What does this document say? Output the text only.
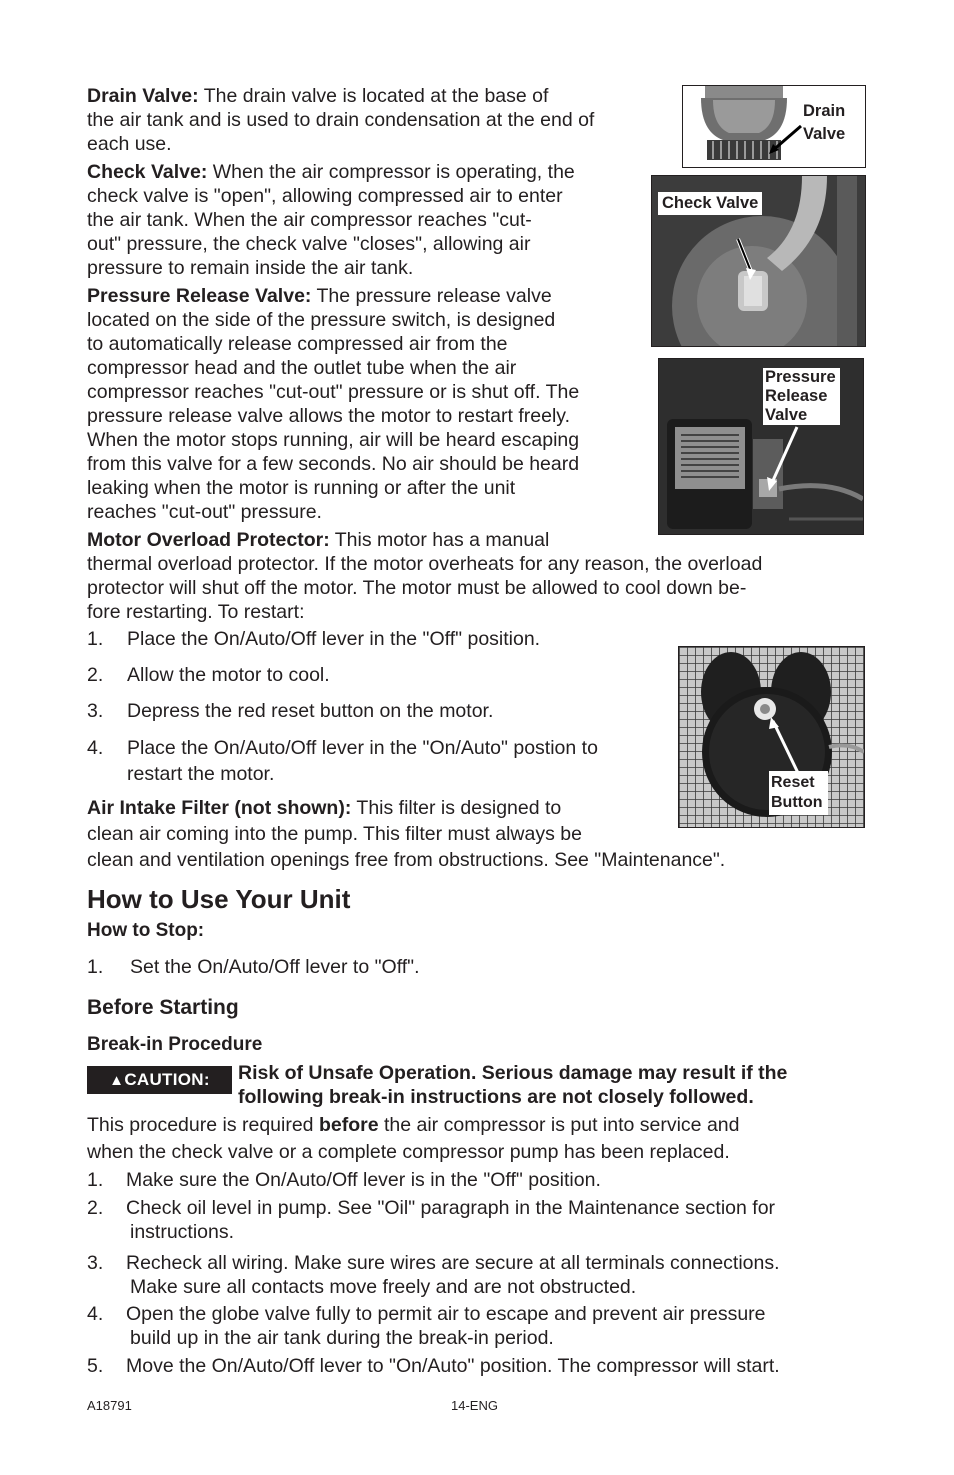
Drain Valve: The drain valve is located at the base of

the air tank and is used to drain condensation at the end of

each use.

Drain
Valve

Check Valve: When the air compressor is operating, the

check valve is "open", allowing compressed air to enter

the air tank. When the air compressor reaches "cut-

out" pressure, the check valve "closes", allowing air

pressure to remain inside the air tank.

Check Valve

Pressure Release Valve: The pressure release valve

located on the side of the pressure switch, is designed

to automatically release compressed air from the

compressor head and the outlet tube when the air

compressor reaches "cut-out" pressure or is shut off. The

pressure release valve allows the motor to restart freely.

When the motor stops running, air will be heard escaping

from this valve for a few seconds. No air should be heard

leaking when the motor is running or after the unit

reaches "cut-out" pressure.

Pressure
Release
Valve

Motor Overload Protector: This motor has a manual

thermal overload protector. If the motor overheats for any reason, the overload

protector will shut off the motor. The motor must be allowed to cool down be-

fore restarting. To restart:

1. Place the On/Auto/Off lever in the "Off" position.
2. Allow the motor to cool.
3. Depress the red reset button on the motor.
4. Place the On/Auto/Off lever in the "On/Auto" postion to
restart the motor.	Reset
Button

Air Intake Filter (not shown): This filter is designed to

clean air coming into the pump. This filter must always be

clean and ventilation openings free from obstructions. See "Maintenance".

How to Use Your Unit
How to Stop:
1. Set the On/Auto/Off lever to "Off".
Before Starting
Break-in Procedure
▲CAUTION:	Risk of Unsafe Operation. Serious damage may result if the
following break-in instructions are not closely followed.

This procedure is required before the air compressor is put into service and

when the check valve or a complete compressor pump has been replaced.

1. Make sure the On/Auto/Off lever is in the "Off" position.
2. Check oil level in pump. See "Oil" paragraph in the Maintenance section for
instructions.
3. Recheck all wiring. Make sure wires are secure at all terminals connections.
Make sure all contacts move freely and are not obstructed.
4. Open the globe valve fully to permit air to escape and prevent air pressure
build up in the air tank during the break-in period.
5. Move the On/Auto/Off lever to "On/Auto" position. The compressor will start.
A18791	14-ENG
